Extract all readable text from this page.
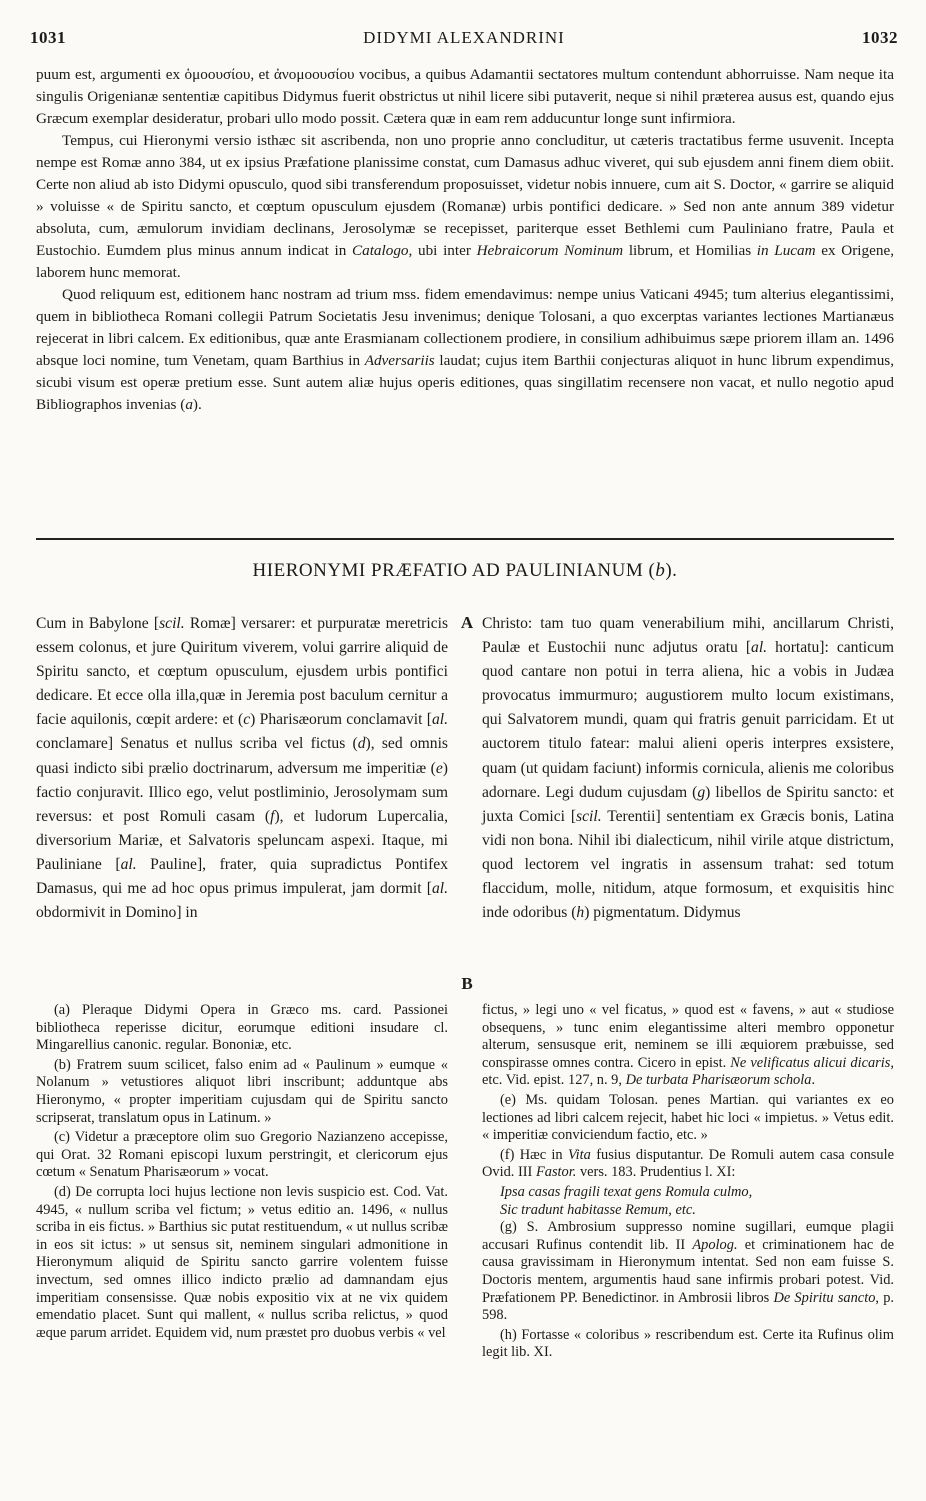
1031	DIDYMI ALEXANDRINI	1032

puum est, argumenti ex ὁμοουσίου, et ἀνομοουσίου vocibus, a quibus Adamantii sectatores multum contendunt abhorruisse. Nam neque ita singulis Origenianæ sententiæ capitibus Didymus fuerit obstrictus ut nihil licere sibi putaverit, neque si nihil præterea ausus est, quando ejus Græcum exemplar desideratur, probari ullo modo possit. Cætera quæ in eam rem adducuntur longe sunt infirmiora.

Tempus, cui Hieronymi versio isthæc sit ascribenda, non uno proprie anno concluditur, ut cæteris tractatibus ferme usuvenit. Incepta nempe est Romæ anno 384, ut ex ipsius Præfatione planissime constat, cum Damasus adhuc viveret, qui sub ejusdem anni finem diem obiit. Certe non aliud ab isto Didymi opusculo, quod sibi transferendum proposuisset, videtur nobis innuere, cum ait S. Doctor, « garrire se aliquid » voluisse « de Spiritu sancto, et cœptum opusculum ejusdem (Romanæ) urbis pontifici dedicare. » Sed non ante annum 389 videtur absoluta, cum, æmulorum invidiam declinans, Jerosolymæ se recepisset, pariterque esset Bethlemi cum Pauliniano fratre, Paula et Eustochio. Eumdem plus minus annum indicat in Catalogo, ubi inter Hebraicorum Nominum librum, et Homilias in Lucam ex Origene, laborem hunc memorat.

Quod reliquum est, editionem hanc nostram ad trium mss. fidem emendavimus: nempe unius Vaticani 4945; tum alterius elegantissimi, quem in bibliotheca Romani collegii Patrum Societatis Jesu invenimus; denique Tolosani, a quo excerptas variantes lectiones Martianæus rejecerat in libri calcem. Ex editionibus, quæ ante Erasmianam collectionem prodiere, in consilium adhibuimus sæpe priorem illam an. 1496 absque loci nomine, tum Venetam, quam Barthius in Adversariis laudat; cujus item Barthii conjecturas aliquot in hunc librum expendimus, sicubi visum est operæ pretium esse. Sunt autem aliæ hujus operis editiones, quas singillatim recensere non vacat, et nullo negotio apud Bibliographos invenias (a).

HIERONYMI PRÆFATIO AD PAULINIANUM (b).
A
B

Cum in Babylone [scil. Romæ] versarer: et purpuratæ meretricis essem colonus, et jure Quiritum viverem, volui garrire aliquid de Spiritu sancto, et cœptum opusculum, ejusdem urbis pontifici dedicare. Et ecce olla illa,quæ in Jeremia post baculum cernitur a facie aquilonis, cœpit ardere: et (c) Pharisæorum conclamavit [al. conclamare] Senatus et nullus scriba vel fictus (d), sed omnis quasi indicto sibi prælio doctrinarum, adversum me imperitiæ (e) factio conjuravit. Illico ego, velut postliminio, Jerosolymam sum reversus: et post Romuli casam (f), et ludorum Lupercalia, diversorium Mariæ, et Salvatoris speluncam aspexi. Itaque, mi Pauliniane [al. Pauline], frater, quia supradictus Pontifex Damasus, qui me ad hoc opus primus impulerat, jam dormit [al. obdormivit in Domino] in

Christo: tam tuo quam venerabilium mihi, ancillarum Christi, Paulæ et Eustochii nunc adjutus oratu [al. hortatu]: canticum quod cantare non potui in terra aliena, hic a vobis in Judæa provocatus immurmuro; augustiorem multo locum existimans, qui Salvatorem mundi, quam qui fratris genuit parricidam. Et ut auctorem titulo fatear: malui alieni operis interpres exsistere, quam (ut quidam faciunt) informis cornicula, alienis me coloribus adornare. Legi dudum cujusdam (g) libellos de Spiritu sancto: et juxta Comici [scil. Terentii] sententiam ex Græcis bonis, Latina vidi non bona. Nihil ibi dialecticum, nihil virile atque districtum, quod lectorem vel ingratis in assensum trahat: sed totum flaccidum, molle, nitidum, atque formosum, et exquisitis hinc inde odoribus (h) pigmentatum. Didymus

(a) Pleraque Didymi Opera in Græco ms. card. Passionei bibliotheca reperisse dicitur, eorumque editioni insudare cl. Mingarellius canonic. regular. Bononiæ, etc.

(b) Fratrem suum scilicet, falso enim ad « Paulinum » eumque « Nolanum » vetustiores aliquot libri inscribunt; adduntque abs Hieronymo, « propter imperitiam cujusdam qui de Spiritu sancto scripserat, translatum opus in Latinum. »

(c) Videtur a præceptore olim suo Gregorio Nazianzeno accepisse, qui Orat. 32 Romani episcopi luxum perstringit, et clericorum ejus cœtum « Senatum Pharisæorum » vocat.

(d) De corrupta loci hujus lectione non levis suspicio est. Cod. Vat. 4945, « nullum scriba vel fictum; » vetus editio an. 1496, « nullus scriba in eis fictus. » Barthius sic putat restituendum, « ut nullus scribæ in eos sit ictus: » ut sensus sit, neminem singulari admonitione in Hieronymum aliquid de Spiritu sancto garrire volentem fuisse invectum, sed omnes illico indicto prælio ad damnandam ejus imperitiam consensisse. Quæ nobis expositio vix at ne vix quidem emendatio placet. Sunt qui mallent, « nullus scriba relictus, » quod æque parum arridet. Equidem vid, num præstet pro duobus verbis « vel

fictus, » legi uno « vel ficatus, » quod est « favens, » aut « studiose obsequens, » tunc enim elegantissime alteri membro opponetur alterum, sensusque erit, neminem se illi æquiorem præbuisse, sed conspirasse omnes contra. Cicero in epist. Ne velificatus alicui dicaris, etc. Vid. epist. 127, n. 9, De turbata Pharisæorum schola.

(e) Ms. quidam Tolosan. penes Martian. qui variantes ex eo lectiones ad libri calcem rejecit, habet hic loci « impietus. » Vetus edit. « imperitiæ conviciendum factio, etc. »

(f) Hæc in Vita fusius disputantur. De Romuli autem casa consule Ovid. III Fastor. vers. 183. Prudentius l. XI:

Ipsa casas fragili texat gens Romula culmo,

Sic tradunt habitasse Remum, etc.

(g) S. Ambrosium suppresso nomine sugillari, eumque plagii accusari Rufinus contendit lib. II Apolog. et criminationem hac de causa gravissimam in Hieronymum intentat. Sed non eam fuisse S. Doctoris mentem, argumentis haud sane infirmis probari potest. Vid. Præfationem PP. Benedictinor. in Ambrosii libros De Spiritu sancto, p. 598.

(h) Fortasse « coloribus » rescribendum est. Certe ita Rufinus olim legit lib. XI.
